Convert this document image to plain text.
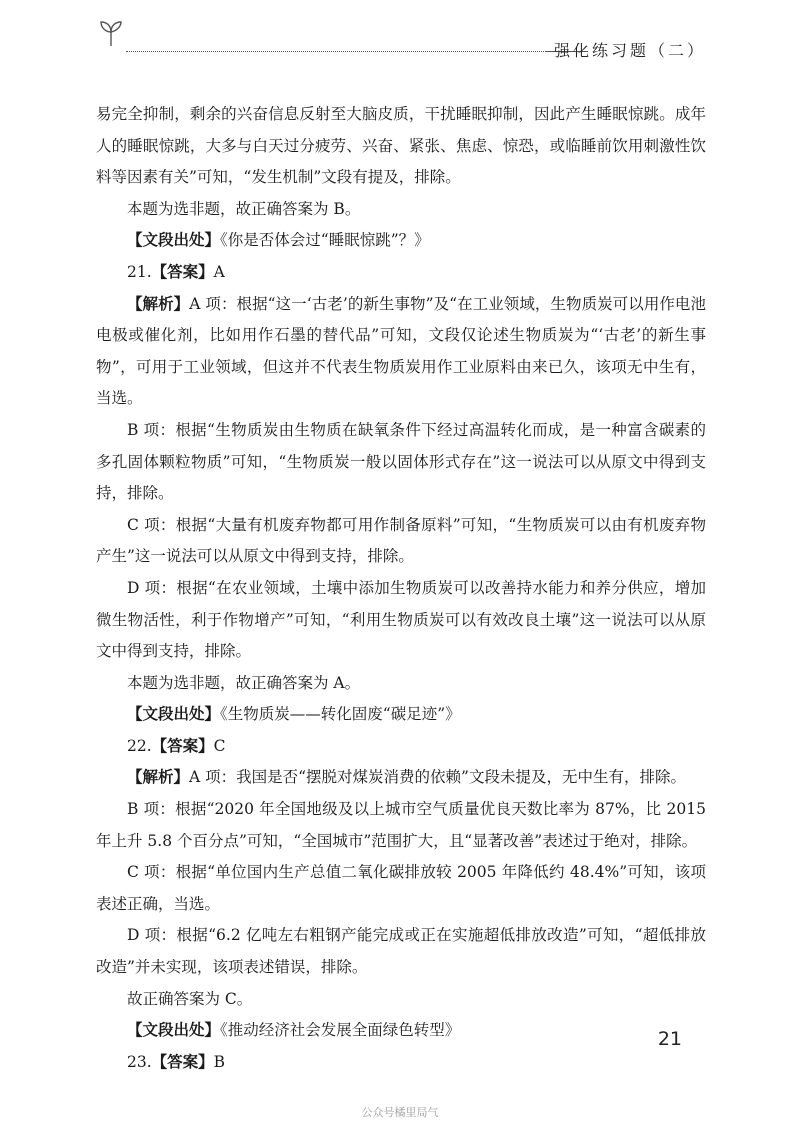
强化练习题（二）

易完全抑制，剩余的兴奋信息反射至大脑皮质，干扰睡眠抑制，因此产生睡眠惊跳。成年人的睡眠惊跳，大多与白天过分疲劳、兴奋、紧张、焦虑、惊恐，或临睡前饮用刺激性饮料等因素有关”可知，“发生机制”文段有提及，排除。

本题为选非题，故正确答案为 B。

【文段出处】《你是否体会过“睡眠惊跳”？》

21.【答案】A

【解析】A 项：根据“这一‘古老’的新生事物”及“在工业领域，生物质炭可以用作电池电极或催化剂，比如用作石墨的替代品”可知，文段仅论述生物质炭为“‘古老’的新生事物”，可用于工业领域，但这并不代表生物质炭用作工业原料由来已久，该项无中生有，当选。

B 项：根据“生物质炭由生物质在缺氧条件下经过高温转化而成，是一种富含碳素的多孔固体颗粒物质”可知，“生物质炭一般以固体形式存在”这一说法可以从原文中得到支持，排除。

C 项：根据“大量有机废弃物都可用作制备原料”可知，“生物质炭可以由有机废弃物产生”这一说法可以从原文中得到支持，排除。

D 项：根据“在农业领域，土壤中添加生物质炭可以改善持水能力和养分供应，增加微生物活性，利于作物增产”可知，“利用生物质炭可以有效改良土壤”这一说法可以从原文中得到支持，排除。

本题为选非题，故正确答案为 A。

【文段出处】《生物质炭——转化固废“碳足迹”》

22.【答案】C

【解析】A 项：我国是否“摆脱对煤炭消费的依赖”文段未提及，无中生有，排除。

B 项：根据“2020 年全国地级及以上城市空气质量优良天数比率为 87%，比 2015 年上升 5.8 个百分点”可知，“全国城市”范围扩大，且“显著改善”表述过于绝对，排除。

C 项：根据“单位国内生产总值二氧化碳排放较 2005 年降低约 48.4%”可知，该项表述正确，当选。

D 项：根据“6.2 亿吨左右粗钢产能完成或正在实施超低排放改造”可知，“超低排放改造”并未实现，该项表述错误，排除。

故正确答案为 C。

【文段出处】《推动经济社会发展全面绿色转型》

23.【答案】B

21
公众号橘里局气
